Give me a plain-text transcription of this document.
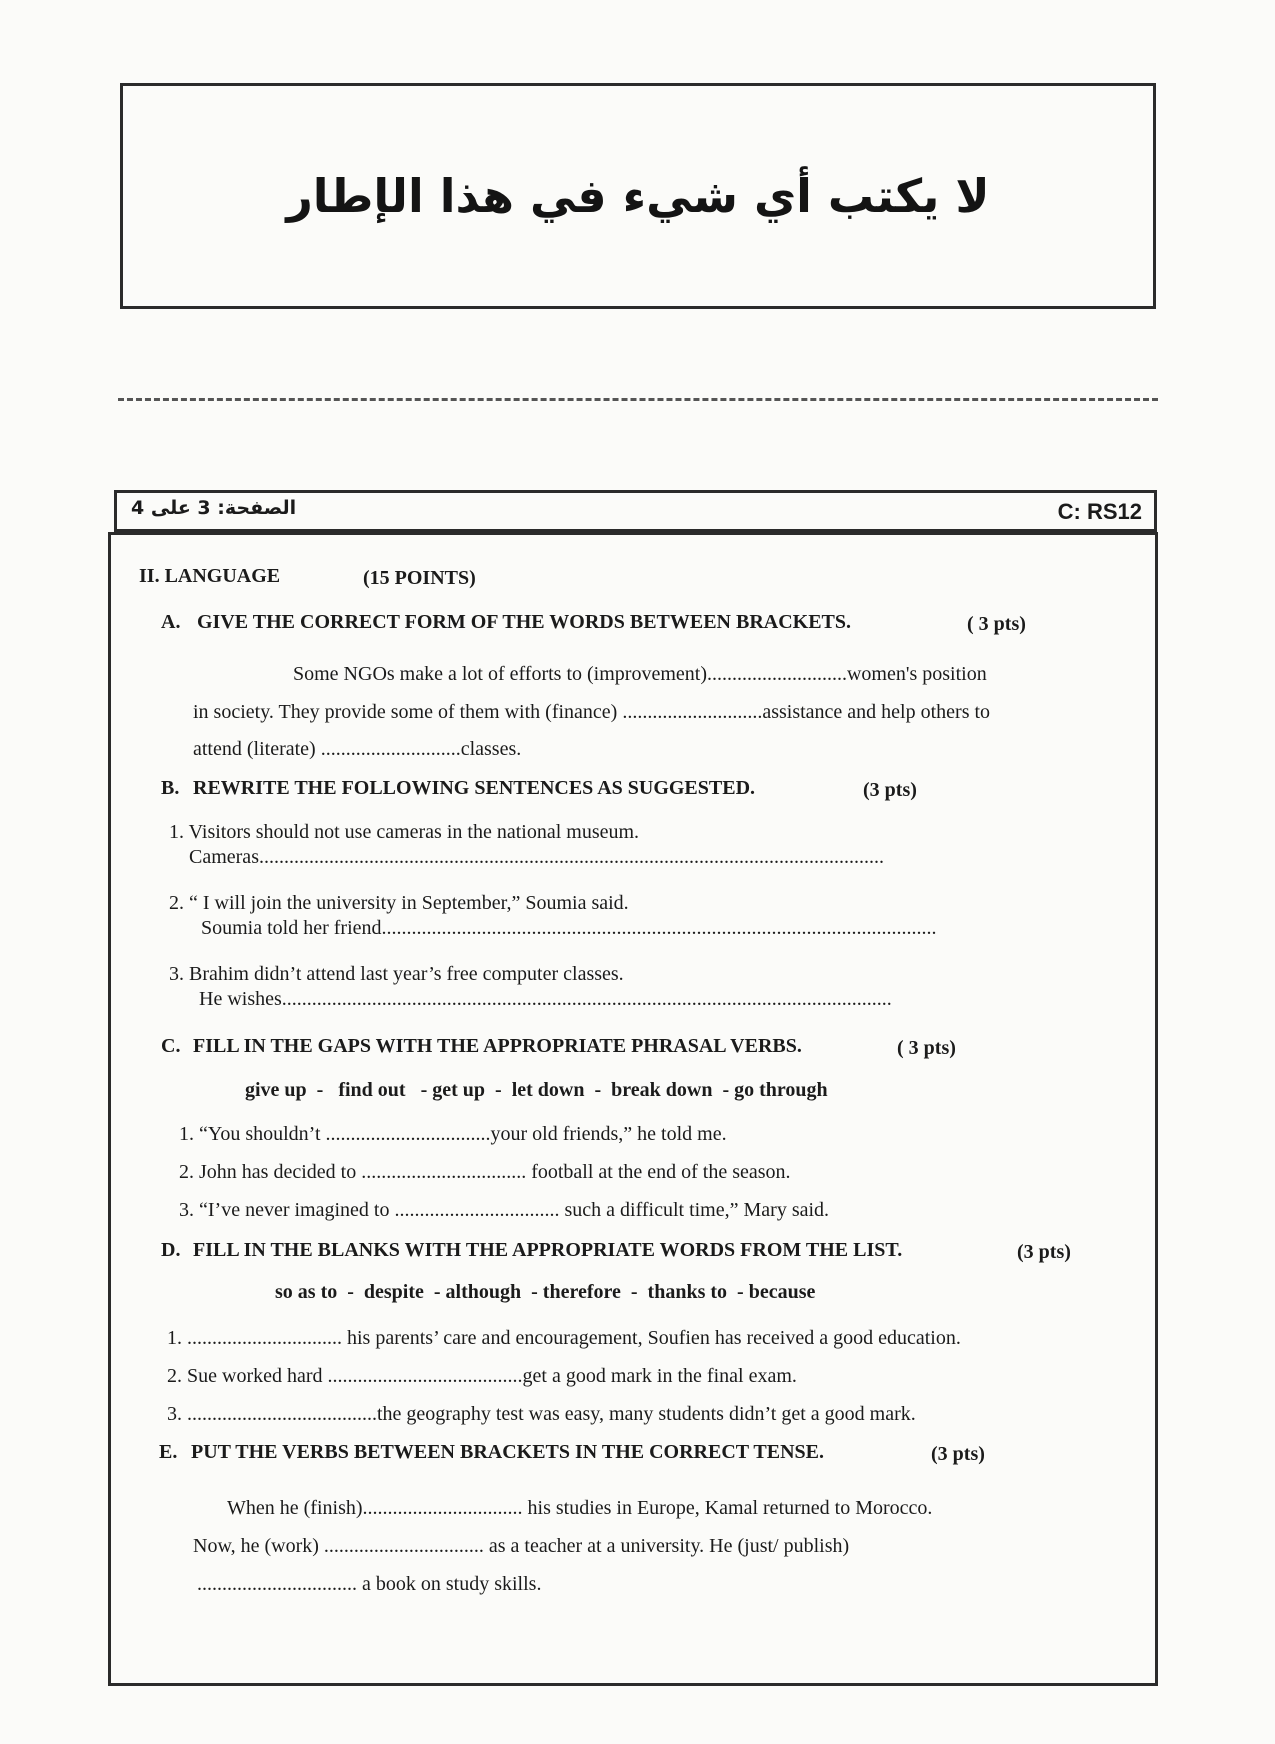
لا يكتب أي شيء في هذا الإطار
الصفحة: 3 على 4	C: RS12
II. LANGUAGE	(15 POINTS)
A. GIVE THE CORRECT FORM OF THE WORDS BETWEEN BRACKETS.	( 3 pts)
Some NGOs make a lot of efforts to (improvement)............................women's position
in society. They provide some of them with (finance) ............................assistance and help others to
attend (literate) ............................classes.
B. REWRITE THE FOLLOWING SENTENCES AS SUGGESTED.	(3 pts)
1. Visitors should not use cameras in the national museum.
Cameras.............................................................................................................................
2. “ I will join the university in September,” Soumia said.
Soumia told her friend...............................................................................................................
3. Brahim didn’t attend last year’s free computer classes.
He wishes..........................................................................................................................
C. FILL IN THE GAPS WITH THE APPROPRIATE PHRASAL VERBS.	( 3 pts)
give up  -   find out   - get up  -  let down  -  break down  - go through
1. “You shouldn’t .................................your old friends,” he told me.
2. John has decided to ................................. football at the end of the season.
3. “I’ve never imagined to ................................. such a difficult time,” Mary said.
D. FILL IN THE BLANKS WITH THE APPROPRIATE WORDS FROM THE LIST.	(3 pts)
so as to  -  despite  - although  - therefore  -  thanks to  - because
1. ............................... his parents’ care and encouragement, Soufien has received a good education.
2. Sue worked hard .......................................get a good mark in the final exam.
3. ......................................the geography test was easy, many students didn’t get a good mark.
E. PUT THE VERBS BETWEEN BRACKETS IN THE CORRECT TENSE.	(3 pts)
When he (finish)................................ his studies in Europe, Kamal returned to Morocco.
Now, he (work) ................................ as a teacher at a university. He (just/ publish)
................................ a book on study skills.
